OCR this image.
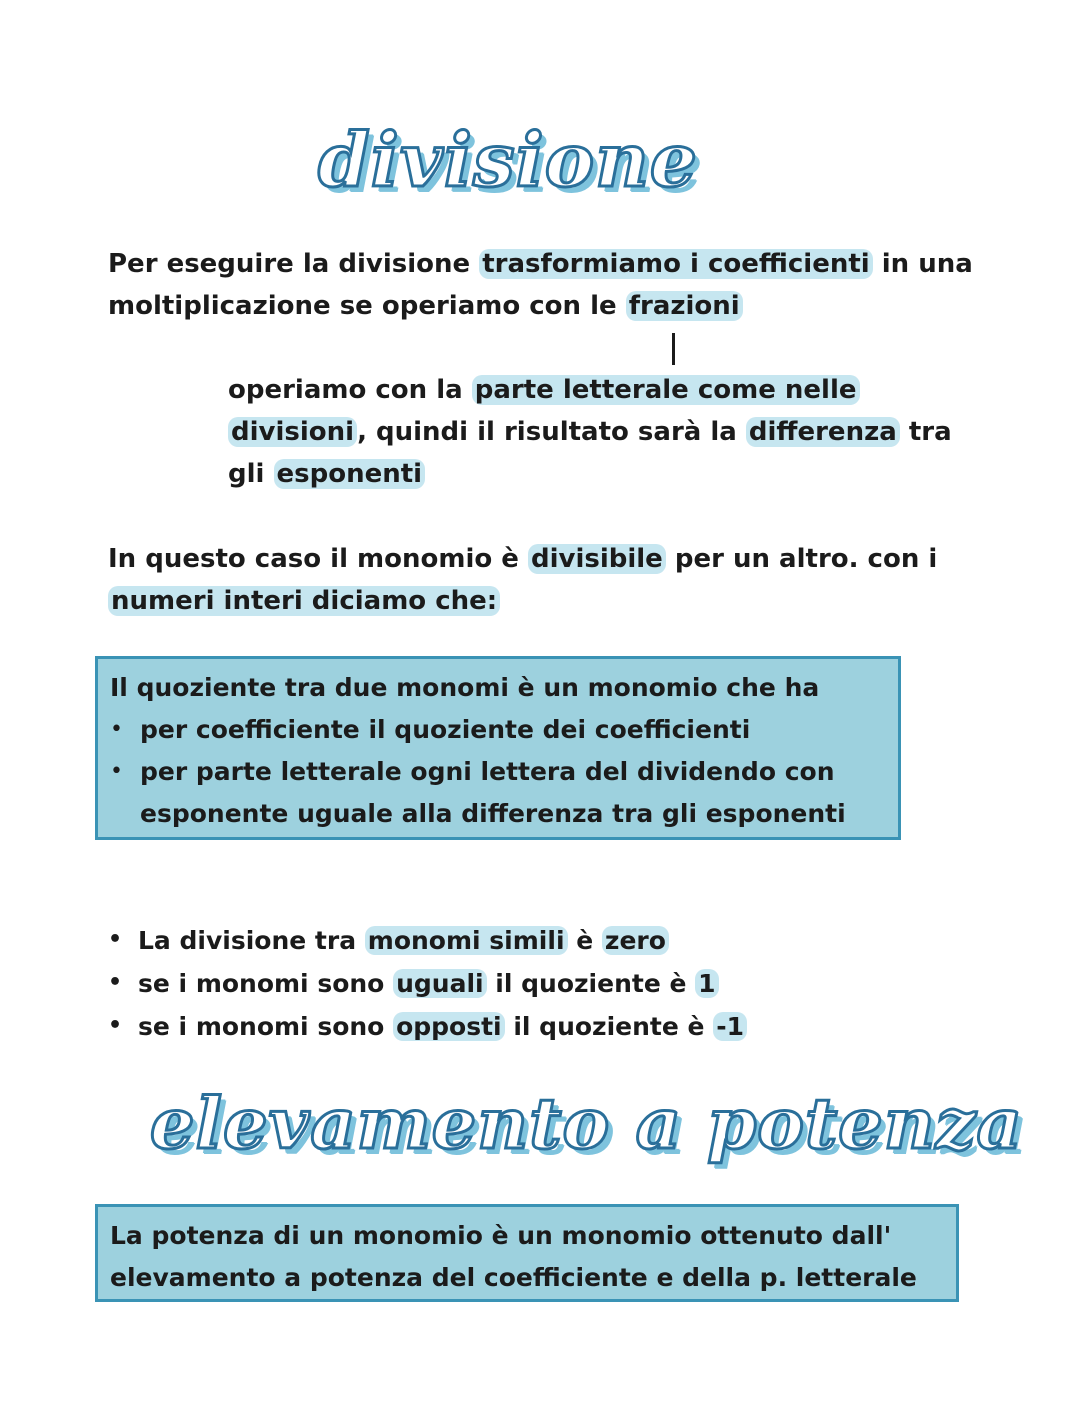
divisione
Per eseguire la divisione trasformiamo i coefficienti in una
moltiplicazione se operiamo con le frazioni
operiamo con la parte letterale come nelle
divisioni , quindi il risultato sarà la differenza tra
gli esponenti
In questo caso il monomio è divisibile per un altro. con i
numeri interi diciamo che:
Il quoziente tra due monomi è un monomio che ha
• per coefficiente il quoziente dei coefficienti
• per parte letterale ogni lettera del dividendo con
esponente uguale alla differenza tra gli esponenti
• La divisione tra monomi simili è zero
• se i monomi sono uguali il quoziente è 1
• se i monomi sono opposti il quoziente è -1
elevamento a potenza
La potenza di un monomio è un monomio ottenuto dall'
elevamento a potenza del coefficiente e della p. letterale
